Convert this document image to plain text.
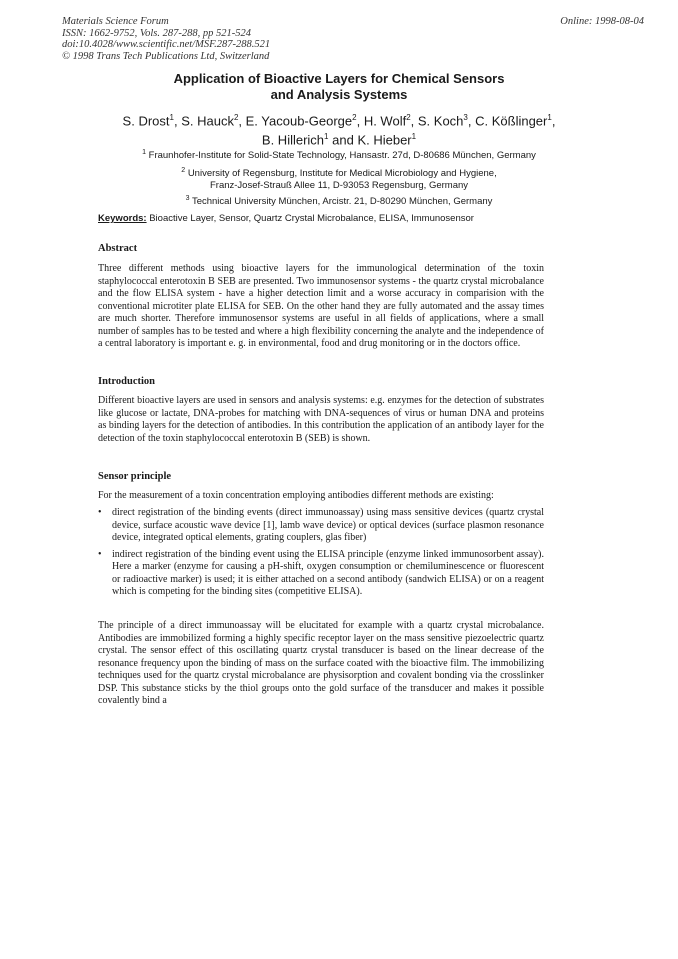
Materials Science Forum
ISSN: 1662-9752, Vols. 287-288, pp 521-524
doi:10.4028/www.scientific.net/MSF.287-288.521
© 1998 Trans Tech Publications Ltd, Switzerland
Online: 1998-08-04
Application of Bioactive Layers for Chemical Sensors
and Analysis Systems
S. Drost$^1$, S. Hauck$^2$, E. Yacoub-George$^2$, H. Wolf$^2$, S. Koch$^3$, C. Kößlinger$^1$,
B. Hillerich$^1$ and K. Hieber$^1$
$^1$ Fraunhofer-Institute for Solid-State Technology, Hansastr. 27d, D-80686 München, Germany
$^2$ University of Regensburg, Institute for Medical Microbiology and Hygiene,
Franz-Josef-Strauß Allee 11, D-93053 Regensburg, Germany
$^3$ Technical University München, Arcistr. 21, D-80290 München, Germany
Keywords: Bioactive Layer, Sensor, Quartz Crystal Microbalance, ELISA, Immunosensor
Abstract
Three different methods using bioactive layers for the immunological determination of the toxin staphylococcal enterotoxin B SEB are presented. Two immunosensor systems - the quartz crystal microbalance and the flow ELISA system - have a higher detection limit and a worse accuracy in comparision with the conventional microtiter plate ELISA for SEB. On the other hand they are fully automated and the assay times are much shorter. Therefore immunosensor systems are useful in all fields of applications, where a small number of samples has to be tested and where a high flexibility concerning the analyte and the independence of a central laboratory is important e. g. in environmental, food and drug monitoring or in the doctors office.
Introduction
Different bioactive layers are used in sensors and analysis systems: e.g. enzymes for the detection of substrates like glucose or lactate, DNA-probes for matching with DNA-sequences of virus or human DNA and proteins as binding layers for the detection of antibodies. In this contribution the application of an antibody layer for the detection of the toxin staphylococcal enterotoxin B (SEB) is shown.
Sensor principle
For the measurement of a toxin concentration employing antibodies different methods are existing:
•	direct registration of the binding events (direct immunoassay) using mass sensitive devices (quartz crystal device, surface acoustic wave device [1], lamb wave device) or optical devices (surface plasmon resonance device, integrated optical elements, grating couplers, glas fiber)
•	indirect registration of the binding event using the ELISA principle (enzyme linked immunosorbent assay). Here a marker (enzyme for causing a pH-shift, oxygen consumption or chemiluminescence or fluorescent or radioactive marker) is used; it is either attached on a second antibody (sandwich ELISA) or on a reagent which is competing for the binding sites (competitive ELISA).
The principle of a direct immunoassay will be elucitated for example with a quartz crystal microbalance. Antibodies are immobilized forming a highly specific receptor layer on the mass sensitive piezoelectric quartz crystal. The sensor effect of this oscillating quartz crystal transducer is based on the linear decrease of the resonance frequency upon the binding of mass on the surface coated with the bioactive film. The immobilizing techniques used for the quartz crystal microbalance are physisorption and covalent bonding via the crosslinker DSP. This substance sticks by the thiol groups onto the gold surface of the transducer and makes it possible covalently bind a
